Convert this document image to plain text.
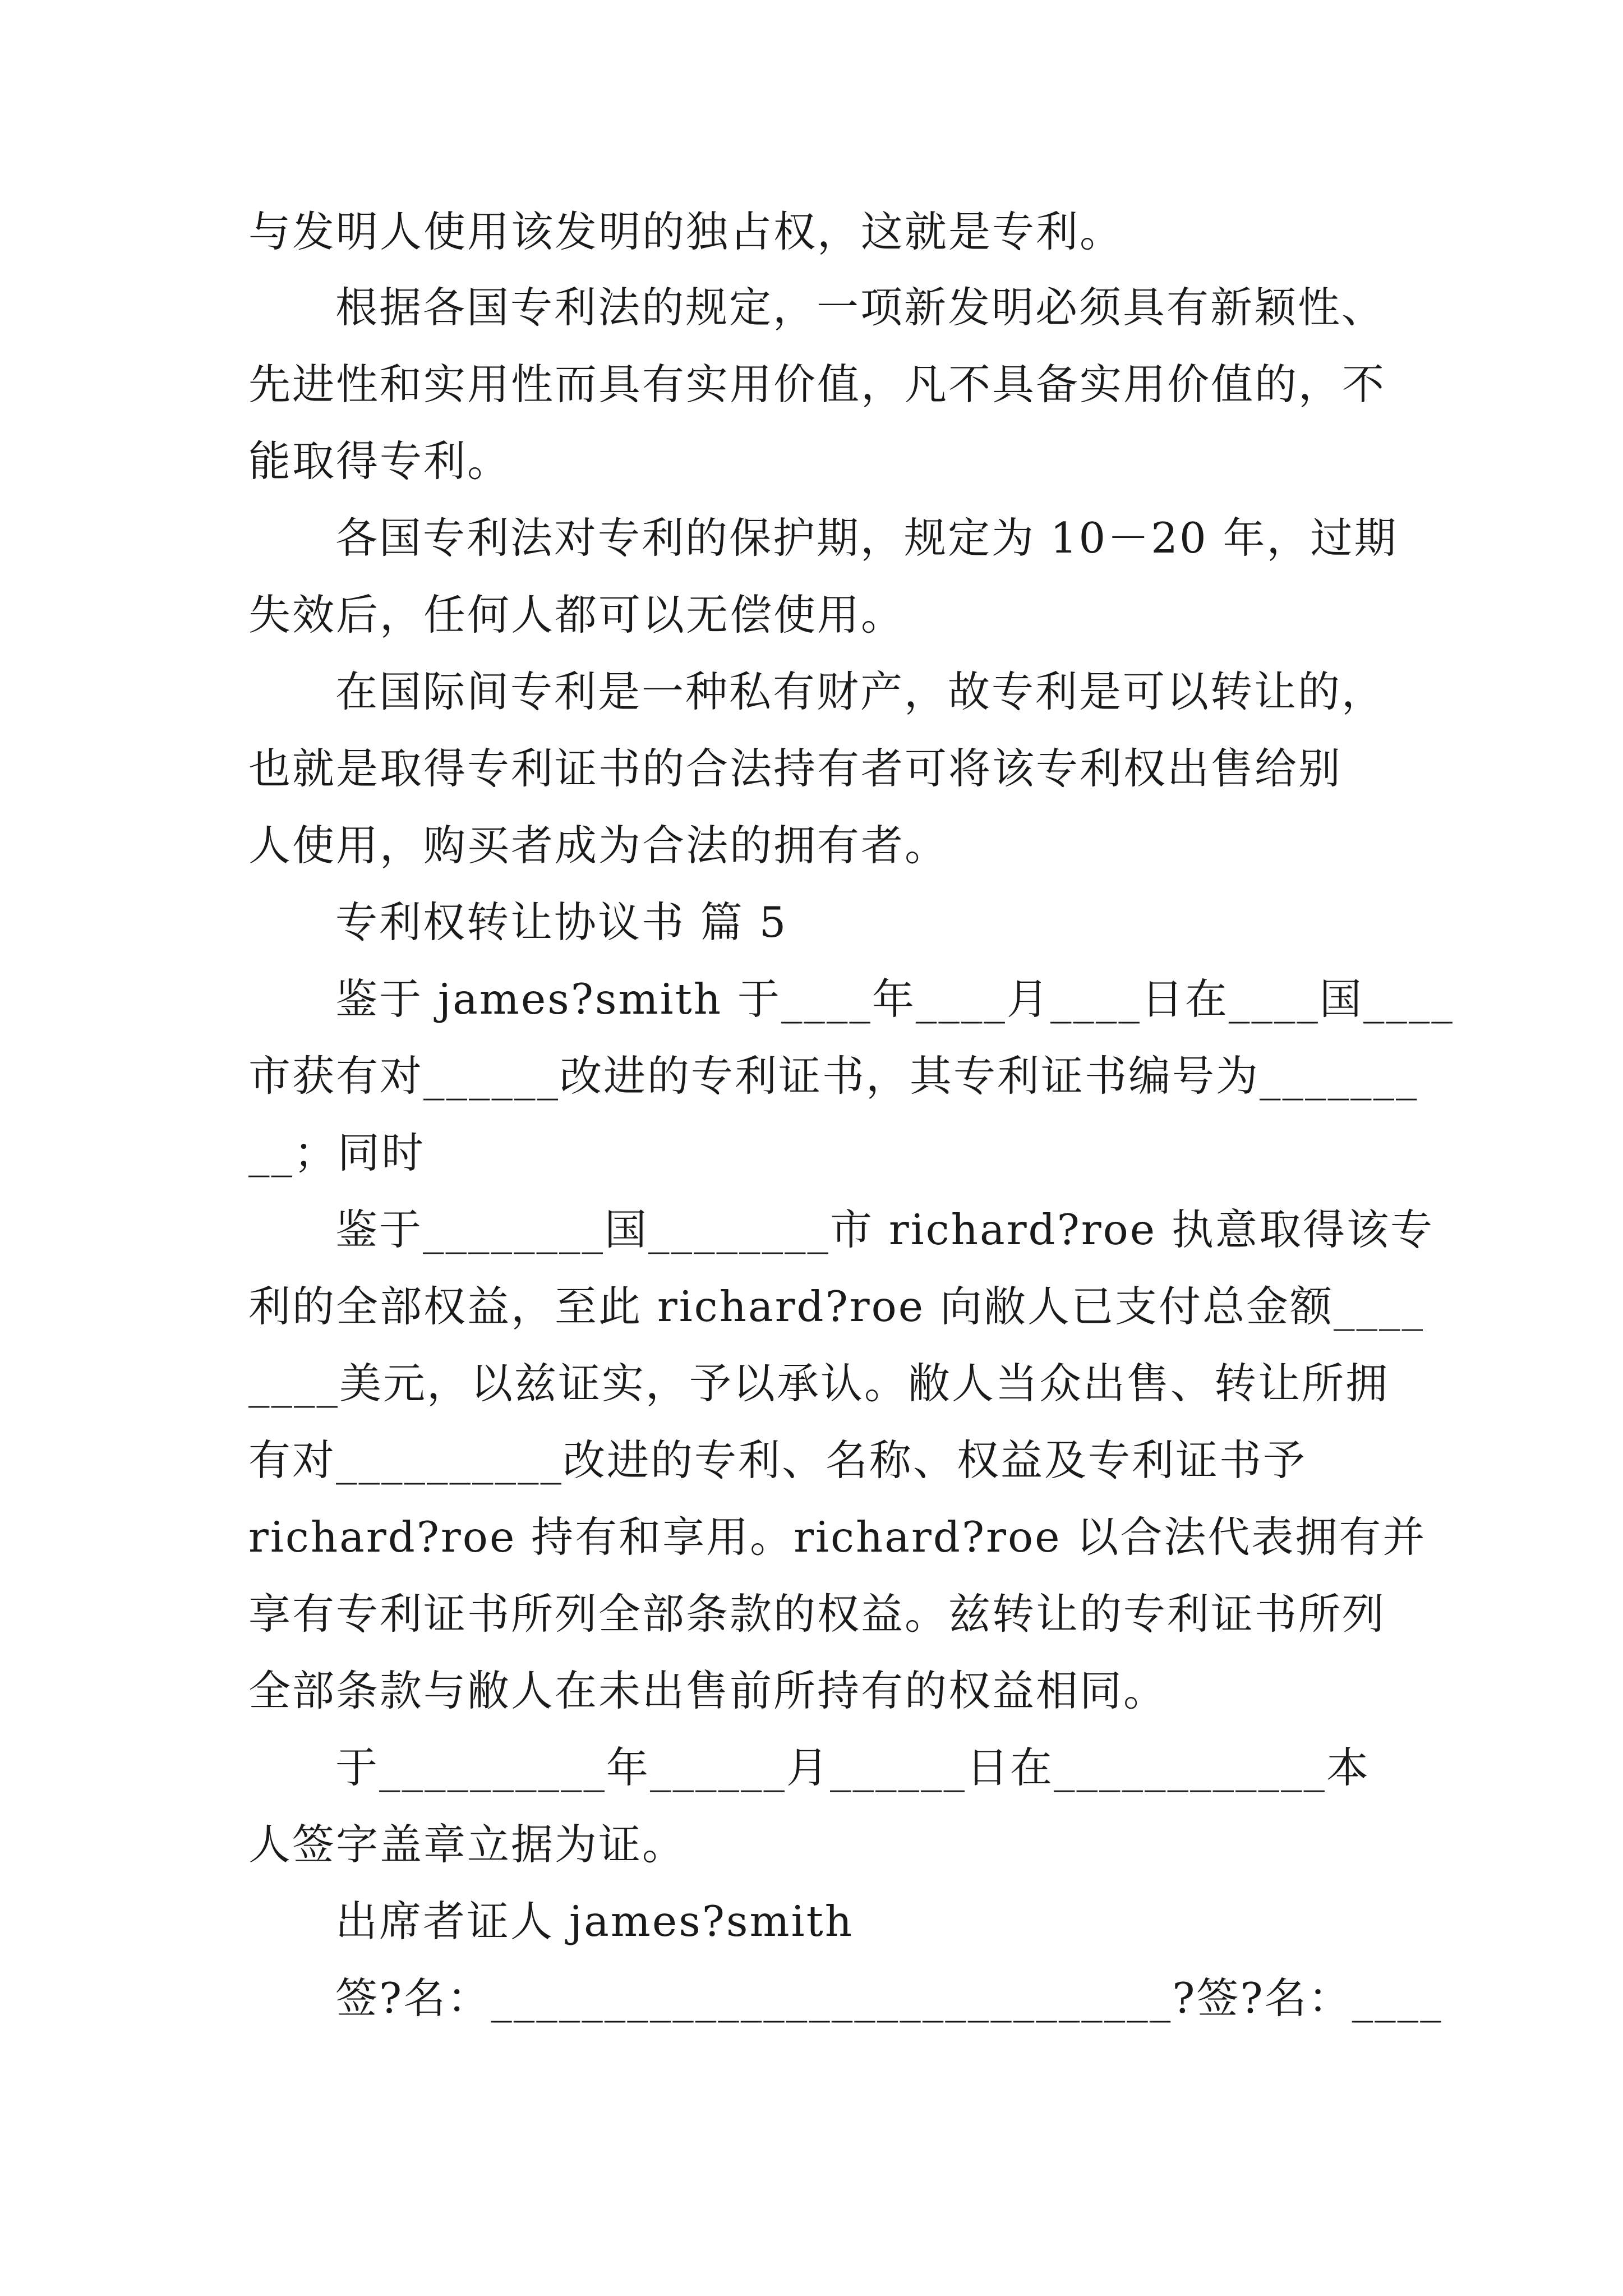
与发明人使用该发明的独占权，这就是专利。
根据各国专利法的规定，一项新发明必须具有新颖性、
先进性和实用性而具有实用价值，凡不具备实用价值的，不
能取得专利。
各国专利法对专利的保护期，规定为 10－20 年，过期
失效后，任何人都可以无偿使用。
在国际间专利是一种私有财产，故专利是可以转让的，
也就是取得专利证书的合法持有者可将该专利权出售给别
人使用，购买者成为合法的拥有者。
专利权转让协议书 篇 5
鉴于 james?smith 于____年____月____日在____国____
市获有对______改进的专利证书，其专利证书编号为_______
__；同时
鉴于________国________市 richard?roe 执意取得该专
利的全部权益，至此 richard?roe 向敝人已支付总金额____
____美元，以兹证实，予以承认。敝人当众出售、转让所拥
有对__________改进的专利、名称、权益及专利证书予
richard?roe 持有和享用。richard?roe 以合法代表拥有并
享有专利证书所列全部条款的权益。兹转让的专利证书所列
全部条款与敝人在未出售前所持有的权益相同。
于__________年______月______日在____________本
人签字盖章立据为证。
出席者证人 james?smith
签?名：______________________________?签?名：____
